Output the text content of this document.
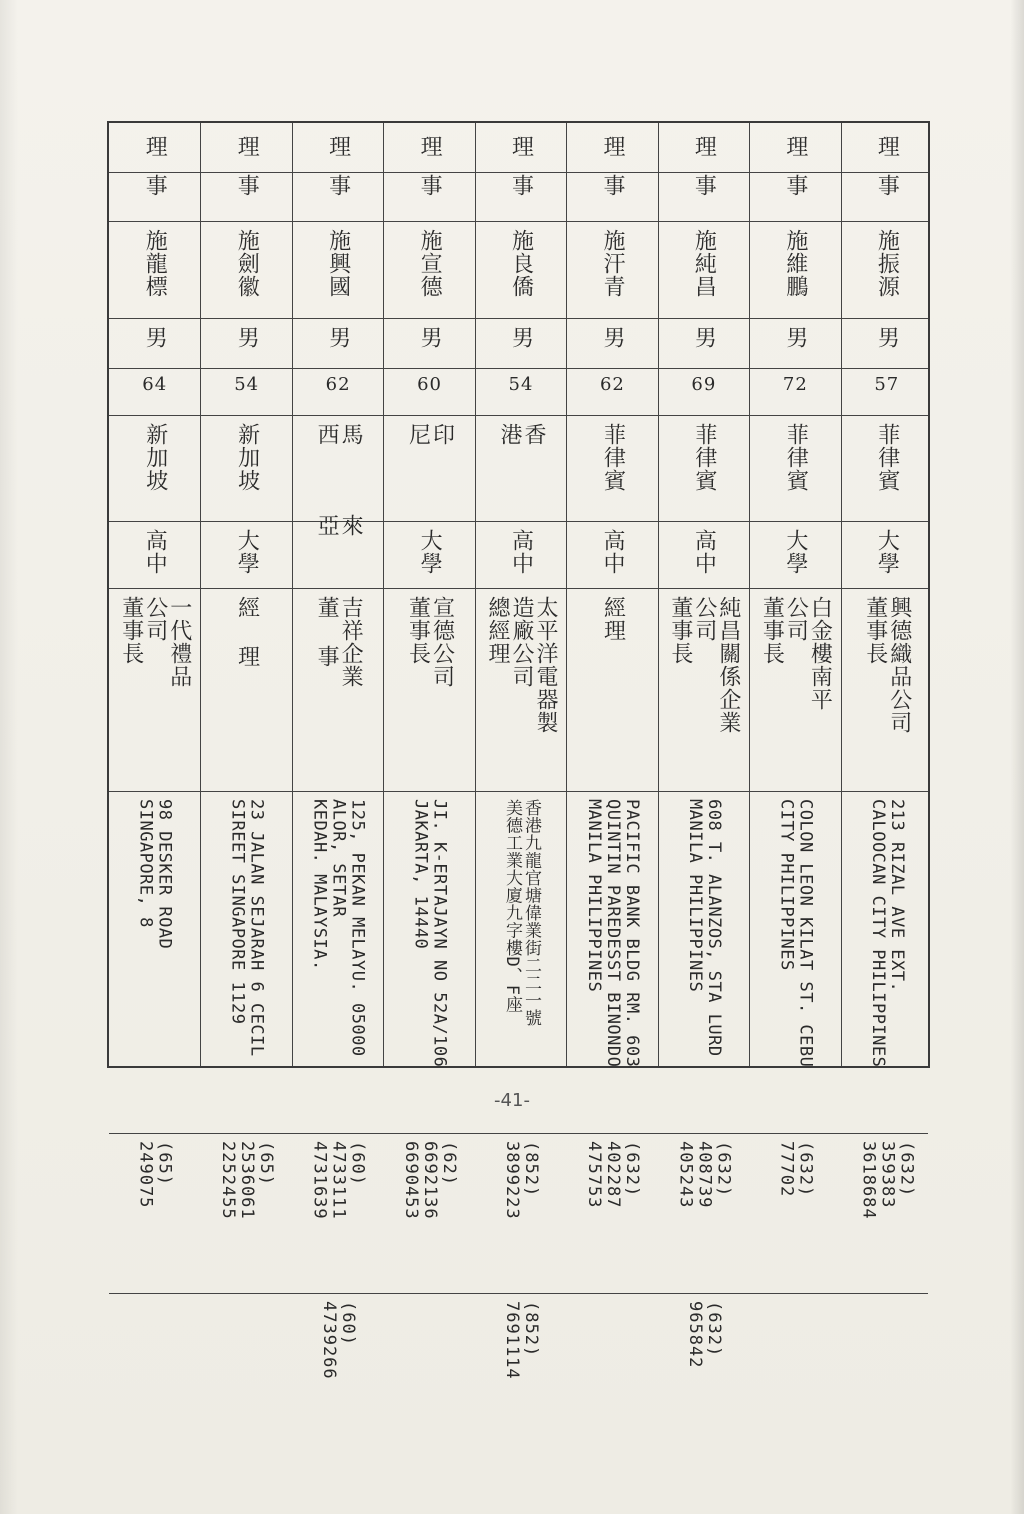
理
事
施振源
男
57
菲律賓
大學
興德織品公司
董事長
213 RIZAL AVE EXT.
CALOOCAN CITY PHILIPPINES
(632)
359383
3618684
理
事
施維鵬
男
72
菲律賓
大學
白金樓南平
公司
董事長
COLON LEON KILAT ST. CEBU
CITY PHILIPPINES
(632)
77702
理
事
施純昌
男
69
菲律賓
高中
純昌關係企業
公司
董事長
608 T. ALANZOS, STA LURD
MANILA PHILIPPINES
(632)
408739
405243
(632)
965842
理
事
施汗青
男
62
菲律賓
高中
經理
PACIFIC BANK BLDG RM. 603
QUINTIN PAREDESST BINONDO
MANILA PHILIPPINES
(632)
402287
475753
理
事
施良僑
男
54
香
港
高中
太平洋電器製
造廠公司
總經理
香港九龍官塘偉業街二二一號
美德工業大廈九字樓D、F座
(852)
3899223
(852)
7691114
理
事
施宣德
男
60
印
尼
大學
宣德公司
董事長
JI. K-ERTAJAYN NO 52A/106
JAKARTA, 14440
(62)
6692136
6690453
理
事
施興國
男
62
馬 來
西 亞
吉祥企業
董 事
125, PEKAN MELAYU. 05000
ALOR, SETAR
KEDAH. MALAYSIA.
(60)
4733111
4731639
(60)
4739266
理
事
施劍徽
男
54
新加坡
大學
經 理
23 JALAN SEJARAH 6 CECIL
SIREET SINGAPORE 1129
(65)
2536061
2252455
理
事
施龍標
男
64
新加坡
高中
一代禮品
公司
董事長
98 DESKER ROAD
SINGAPORE, 8
(65)
249075
-41-
